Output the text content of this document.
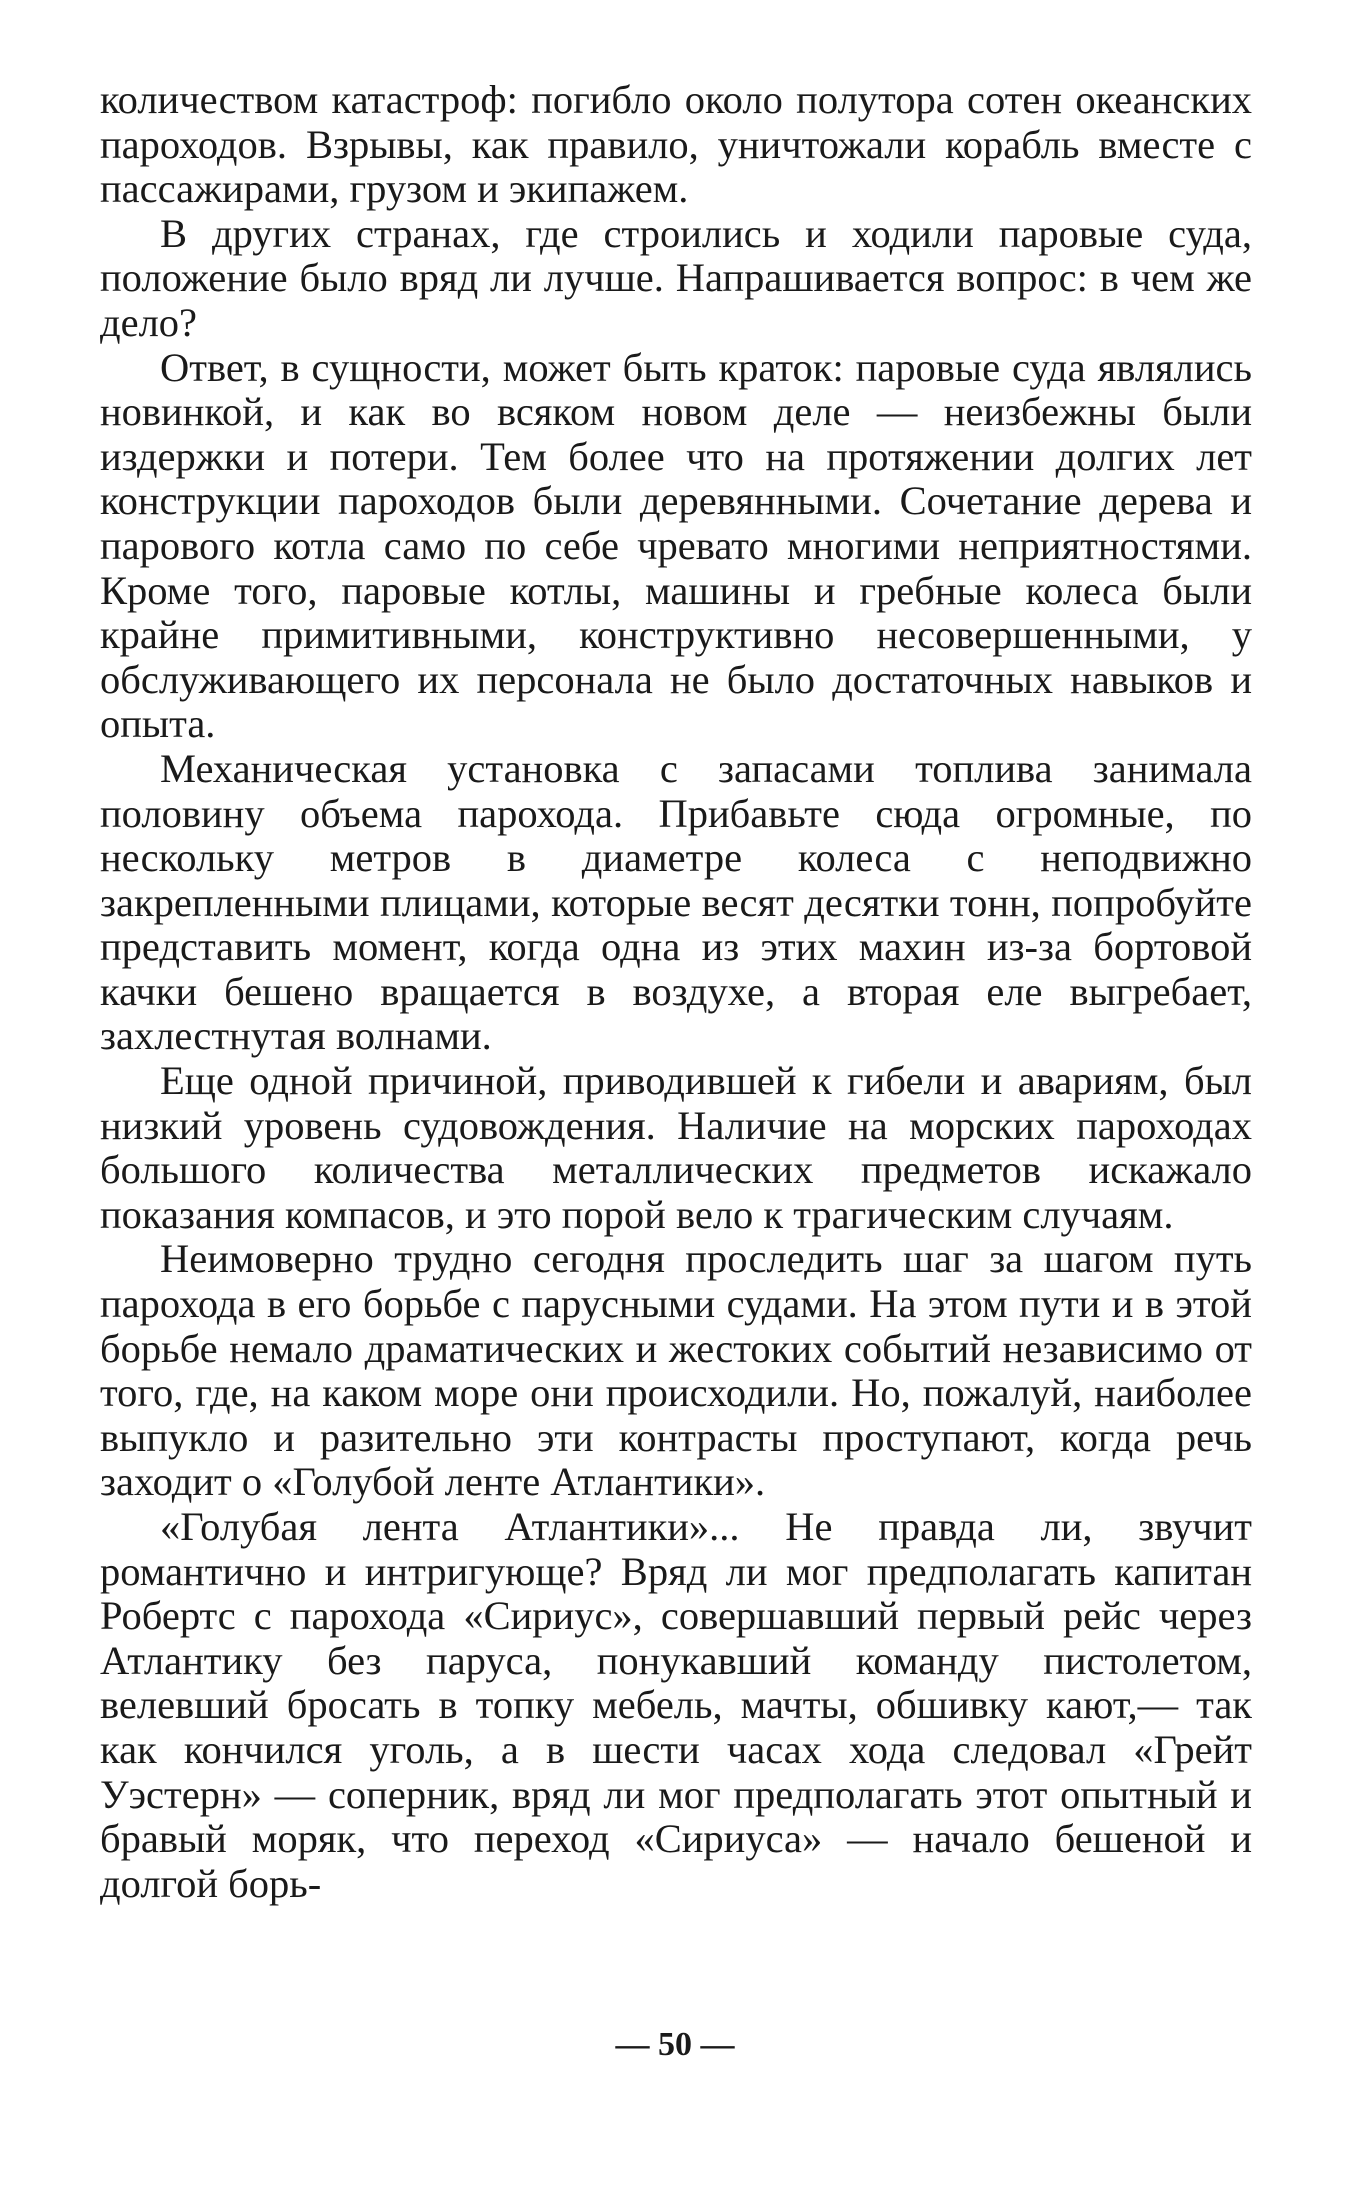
количеством катастроф: погибло около полутора сотен океанских пароходов. Взрывы, как правило, уничтожали корабль вместе с пассажирами, грузом и экипажем.

В других странах, где строились и ходили паровые суда, положение было вряд ли лучше. Напрашивается вопрос: в чем же дело?

Ответ, в сущности, может быть краток: паровые суда являлись новинкой, и как во всяком новом деле — неизбежны были издержки и потери. Тем более что на протяжении долгих лет конструкции пароходов были деревянными. Сочетание дерева и парового котла само по себе чревато многими неприятностями. Кроме того, паровые котлы, машины и гребные колеса были крайне примитивными, конструктивно несовершенными, у обслуживающего их персонала не было достаточных навыков и опыта.

Механическая установка с запасами топлива занимала половину объема парохода. Прибавьте сюда огромные, по нескольку метров в диаметре колеса с неподвижно закрепленными плицами, которые весят десятки тонн, попробуйте представить момент, когда одна из этих махин из-за бортовой качки бешено вращается в воздухе, а вторая еле выгребает, захлестнутая волнами.

Еще одной причиной, приводившей к гибели и авариям, был низкий уровень судовождения. Наличие на морских пароходах большого количества металлических предметов искажало показания компасов, и это порой вело к трагическим случаям.

Неимоверно трудно сегодня проследить шаг за шагом путь парохода в его борьбе с парусными судами. На этом пути и в этой борьбе немало драматических и жестоких событий независимо от того, где, на каком море они происходили. Но, пожалуй, наиболее выпукло и разительно эти контрасты проступают, когда речь заходит о «Голубой ленте Атлантики».

«Голубая лента Атлантики»... Не правда ли, звучит романтично и интригующе? Вряд ли мог предполагать капитан Робертс с парохода «Сириус», совершавший первый рейс через Атлантику без паруса, понукавший команду пистолетом, велевший бросать в топку мебель, мачты, обшивку кают,— так как кончился уголь, а в шести часах хода следовал «Грейт Уэстерн» — соперник, вряд ли мог предполагать этот опытный и бравый моряк, что переход «Сириуса» — начало бешеной и долгой борь-

— 50 —
